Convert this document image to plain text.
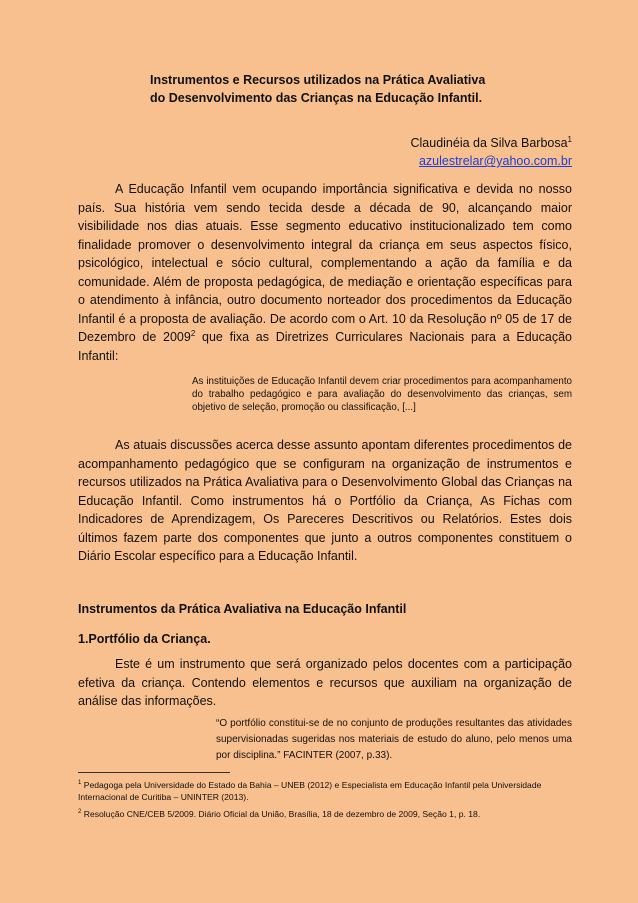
Instrumentos e Recursos utilizados na Prática Avaliativa
do Desenvolvimento das Crianças na Educação Infantil.
Claudinéia da Silva Barbosa$^1$
azulestrelar@yahoo.com.br

A Educação Infantil vem ocupando importância significativa e devida no nosso país. Sua história vem sendo tecida desde a década de 90, alcançando maior visibilidade nos dias atuais. Esse segmento educativo institucionalizado tem como finalidade promover o desenvolvimento integral da criança em seus aspectos físico, psicológico, intelectual e sócio cultural, complementando a ação da família e da comunidade. Além de proposta pedagógica, de mediação e orientação específicas para o atendimento à infância, outro documento norteador dos procedimentos da Educação Infantil é a proposta de avaliação. De acordo com o Art. 10 da Resolução nº 05 de 17 de Dezembro de 2009$^2$ que fixa as Diretrizes Curriculares Nacionais para a Educação Infantil:

As instituições de Educação Infantil devem criar procedimentos para acompanhamento do trabalho pedagógico e para avaliação do desenvolvimento das crianças, sem objetivo de seleção, promoção ou classificação, [...]

As atuais discussões acerca desse assunto apontam diferentes procedimentos de acompanhamento pedagógico que se configuram na organização de instrumentos e recursos utilizados na Prática Avaliativa para o Desenvolvimento Global das Crianças na Educação Infantil. Como instrumentos há o Portfólio da Criança, As Fichas com Indicadores de Aprendizagem, Os Pareceres Descritivos ou Relatórios. Estes dois últimos fazem parte dos componentes que junto a outros componentes constituem o Diário Escolar específico para a Educação Infantil.

Instrumentos da Prática Avaliativa na Educação Infantil
1.Portfólio da Criança.

Este é um instrumento que será organizado pelos docentes com a participação efetiva da criança. Contendo elementos e recursos que auxiliam na organização de análise das informações.

“O portfólio constitui-se de no conjunto de produções resultantes das atividades supervisionadas sugeridas nos materiais de estudo do aluno, pelo menos uma por disciplina.” FACINTER (2007, p.33).

$^1$ Pedagoga pela Universidade do Estado da Bahia – UNEB (2012) e Especialista em Educação Infantil pela Universidade Internacional de Curitiba – UNINTER (2013).
$^2$ Resolução CNE/CEB 5/2009. Diário Oficial da União, Brasília, 18 de dezembro de 2009, Seção 1, p. 18.
